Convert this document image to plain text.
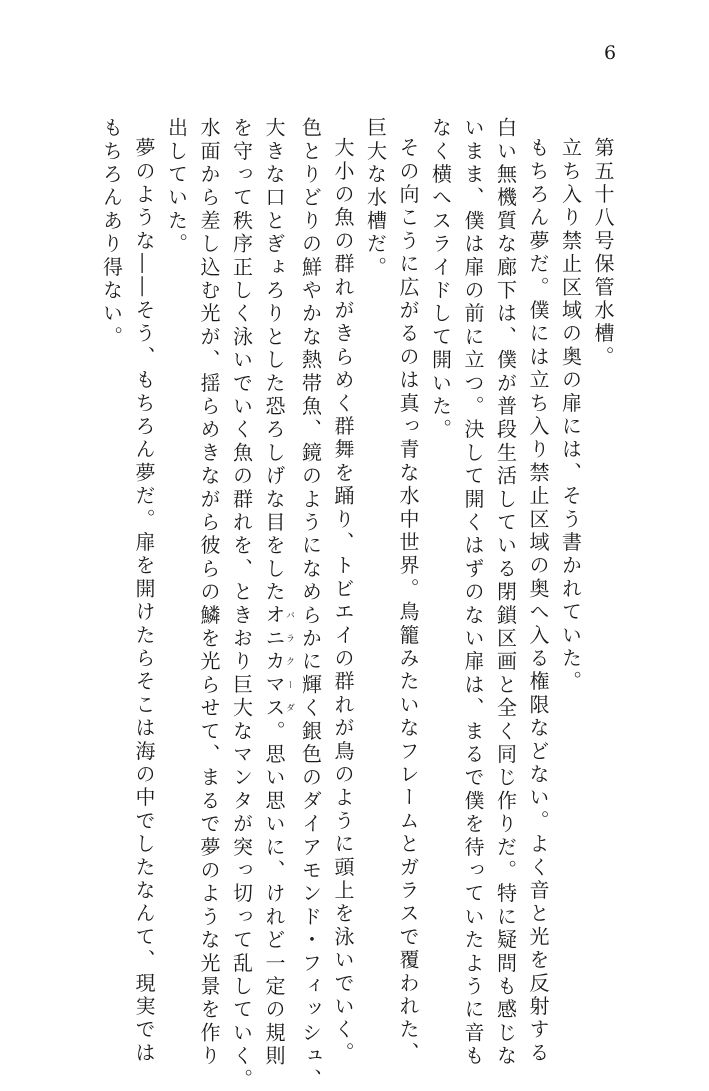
6

第五十八号保管水槽。

立ち入り禁止区域の奥の扉には、そう書かれていた。

もちろん夢だ。僕には立ち入り禁止区域の奥へ入る権限などない。よく音と光を反射する

白い無機質な廊下は、僕が普段生活している閉鎖区画と全く同じ作りだ。特に疑問も感じな

いまま、僕は扉の前に立つ。決して開くはずのない扉は、まるで僕を待っていたように音も

なく横へスライドして開いた。

その向こうに広がるのは真っ青な水中世界。鳥籠みたいなフレームとガラスで覆われた、

巨大な水槽だ。

大小の魚の群れがきらめく群舞を踊り、トビエイの群れが鳥のように頭上を泳いでいく。

色とりどりの鮮やかな熱帯魚、鏡のようになめらかに輝く銀色のダイアモンド・フィッシュ、

大きな口とぎょろりとした恐ろしげな目をしたオニカマスバラクーダ。思い思いに、けれど一定の規則

を守って秩序正しく泳いでいく魚の群れを、ときおり巨大なマンタが突っ切って乱していく。

水面から差し込む光が、揺らめきながら彼らの鱗を光らせて、まるで夢のような光景を作り

出していた。

夢のような――そう、もちろん夢だ。扉を開けたらそこは海の中でしたなんて、現実では

もちろんあり得ない。
